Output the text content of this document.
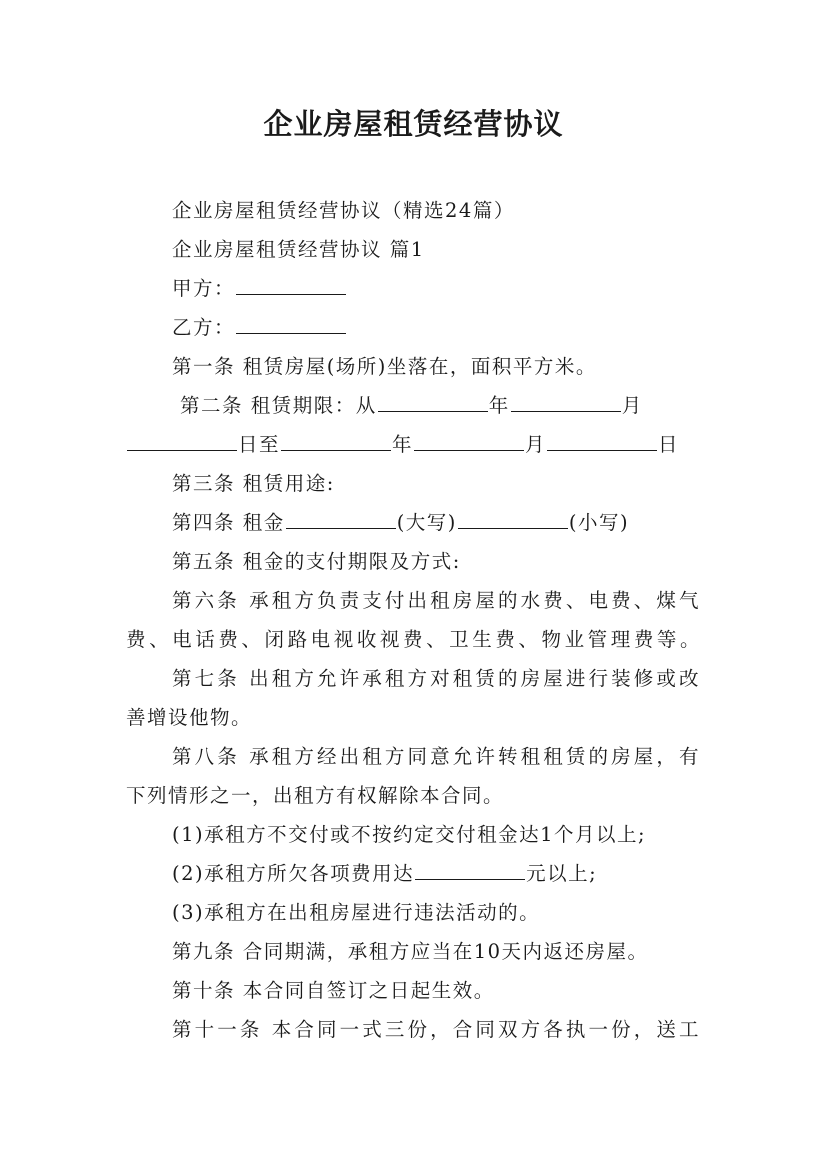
企业房屋租赁经营协议
企业房屋租赁经营协议（精选24篇）
企业房屋租赁经营协议 篇1
甲方：
乙方：
第一条 租赁房屋(场所)坐落在，面积平方米。
第二条 租赁期限：从	年	月
日至	年	月	日
第三条 租赁用途:
第四条 租金	(大写)	(小写)
第五条 租金的支付期限及方式:
第六条 承租方负责支付出租房屋的水费、电费、煤气
费、电话费、闭路电视收视费、卫生费、物业管理费等。
第七条 出租方允许承租方对租赁的房屋进行装修或改
善增设他物。
第八条 承租方经出租方同意允许转租租赁的房屋，有
下列情形之一，出租方有权解除本合同。
(1)承租方不交付或不按约定交付租金达1个月以上;
(2)承租方所欠各项费用达	元以上;
(3)承租方在出租房屋进行违法活动的。
第九条 合同期满，承租方应当在10天内返还房屋。
第十条 本合同自签订之日起生效。
第十一条 本合同一式三份，合同双方各执一份，送工
